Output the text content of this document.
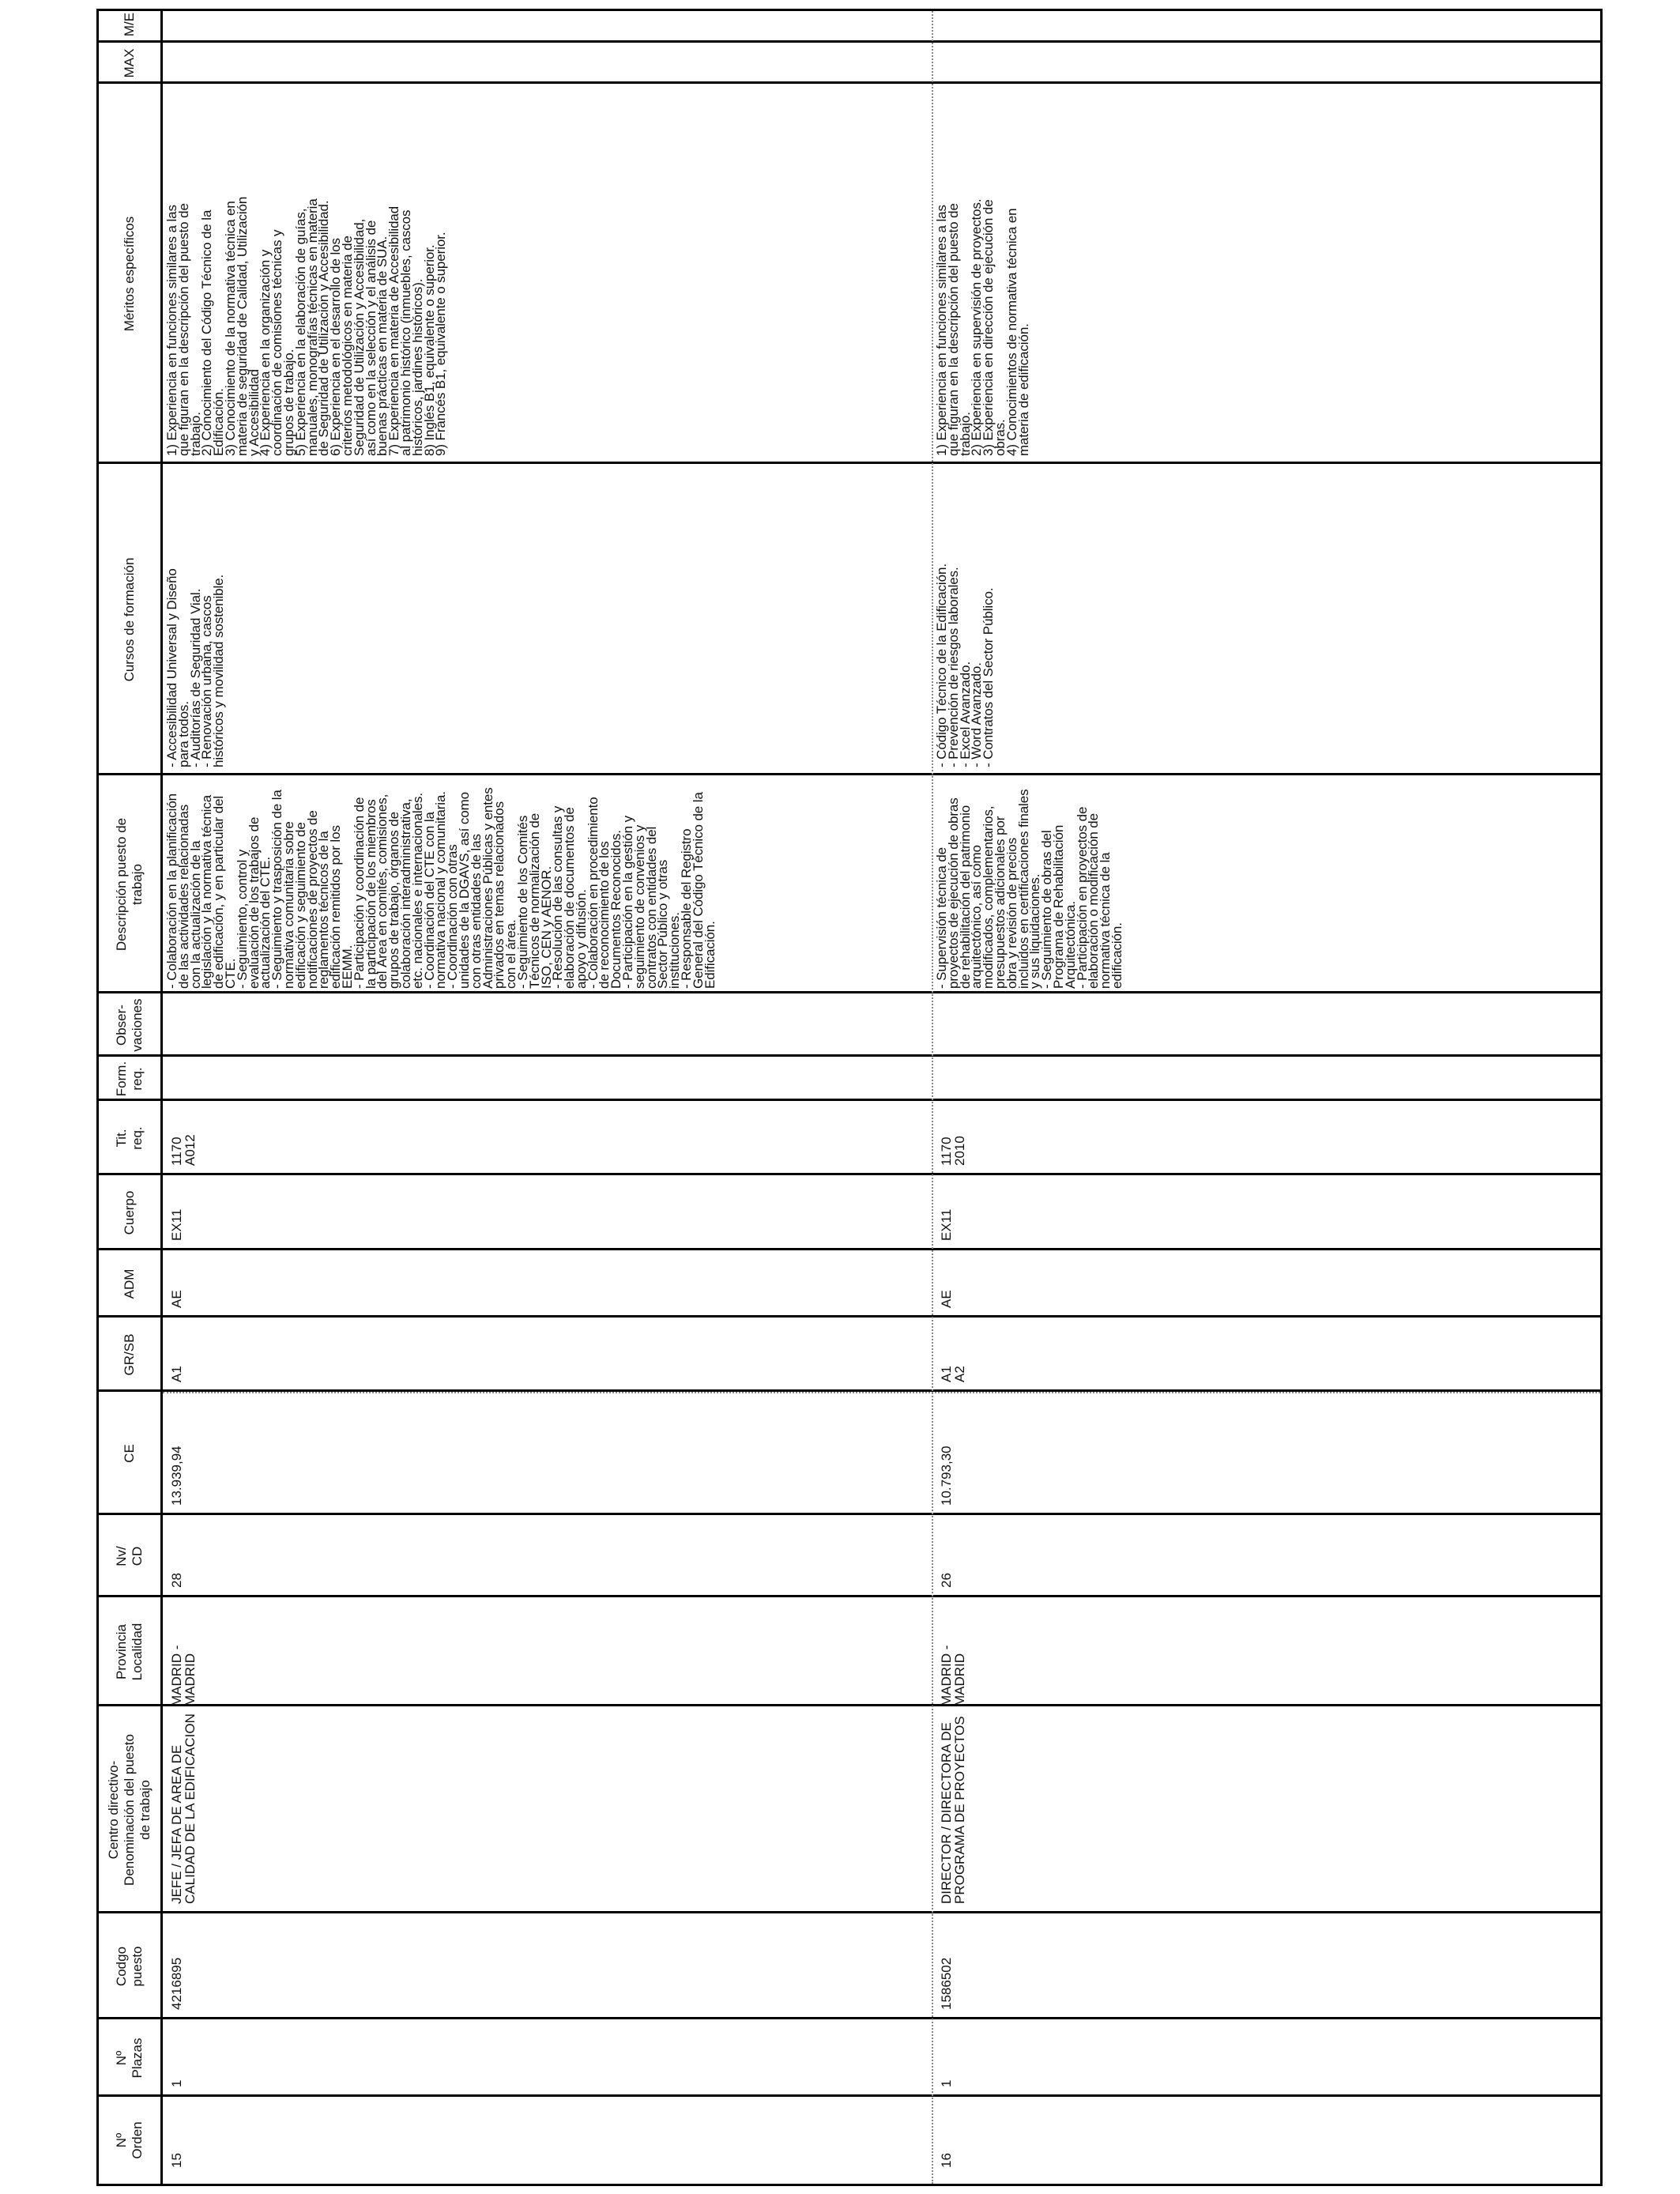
Nº
Orden
Nº
Plazas
Codgo
puesto
Centro directivo-
Denominación del puesto
de trabajo
Provincia
Localidad
Nv/
CD
CE
GR/SB
ADM
Cuerpo
Tit.
req.
Form.
req.
Obser-
vaciones
Descripción puesto de
trabajo
Cursos de formación
Méritos específicos
MAX
M/E
15
1
4216895
JEFE / JEFA DE AREA DE
CALIDAD DE LA EDIFICACION
MADRID -
MADRID
28
13.939,94
A1
AE
EX11
1170
A012
- Colaboración en la planificación
de las actividades relacionadas
con la actualización de la
legislación y la normativa técnica
de edificación, y en particular del
CTE.
- Seguimiento, control y
evaluación de los trabajos de
actualización del CTE.
- Seguimiento y trasposición de la
normativa comunitaria sobre
edificación y seguimiento de
notificaciones de proyectos de
reglamentos técnicos de la
edificación remitidos por los
EEMM.
- Participación y coordinación de
la participación de los miembros
del Área en comités, comisiones,
grupos de trabajo, órganos de
colaboración interadministrativa,
etc. nacionales e internacionales.
- Coordinación del CTE con la
normativa nacional y comunitaria.
- Coordinación con otras
unidades de la DGAVS, así como
con otras entidades de las
Administraciones Públicas y entes
privados en temas relacionados
con el área.
- Seguimiento de los Comités
Técnicos de normalización de
ISO, CEN y AENOR.
- Resolución de las consultas y
elaboración de documentos de
apoyo y difusión.
- Colaboración en procedimiento
de reconocimiento de los
Documentos Reconocidos.
- Participación en la gestión y
seguimiento de convenios y
contratos con entidades del
Sector Público y otras
instituciones.
- Responsable del Registro
General del Código Técnico de la
Edificación.
- Accesibilidad Universal y Diseño
para todos.
- Auditorías de Seguridad Vial.
- Renovación urbana, cascos
históricos y movilidad sostenible.
1) Experiencia en funciones similares a las
que figuran en la descripción del puesto de
trabajo.
2) Conocimiento del Código Técnico de la
Edificación.
3) Conocimiento de la normativa técnica en
materia de seguridad de Calidad, Utilización
y Accesibilidad
4) Experiencia en la organización y
coordinación de comisiones técnicas y
grupos de trabajo.
5) Experiencia en la elaboración de guías,
manuales, monografías técnicas en materia
de Seguridad de Utilización y Accesibilidad.
6) Experiencia en el desarrollo de los
criterios metodológicos en materia de
Seguridad de Utilización y Accesibilidad,
así como en la selección y el análisis de
buenas prácticas en materia de SUA.
7) Experiencia en materia de Accesibilidad
al patrimonio histórico (inmuebles, cascos
históricos, jardines históricos).
8) Inglés B1, equivalente o superior.
9) Francés B1, equivalente o superior.
16
1
1586502
DIRECTOR / DIRECTORA DE
PROGRAMA DE PROYECTOS
MADRID -
MADRID
26
10.793,30
A1
A2
AE
EX11
1170
2010
- Supervisión técnica de
proyectos de ejecución de obras
de rehabilitación del patrimonio
arquitectónico, así como
modificados, complementarios,
presupuestos adicionales por
obra y revisión de precios
incluidos en certificaciones finales
y sus liquidaciones.
- Seguimiento de obras del
Programa de Rehabilitación
Arquitectónica.
- Participación en proyectos de
elaboración o modificación de
normativa técnica de la
edificación.
- Código Técnico de la Edificación.
- Prevención de riesgos laborales.
- Excel Avanzado.
- Word Avanzado.
- Contratos del Sector Público.
1) Experiencia en funciones similares a las
que figuran en la descripción del puesto de
trabajo.
2) Experiencia en supervisión de proyectos.
3) Experiencia en dirección de ejecución de
obras.
4) Conocimientos de normativa técnica en
materia de edificación.
